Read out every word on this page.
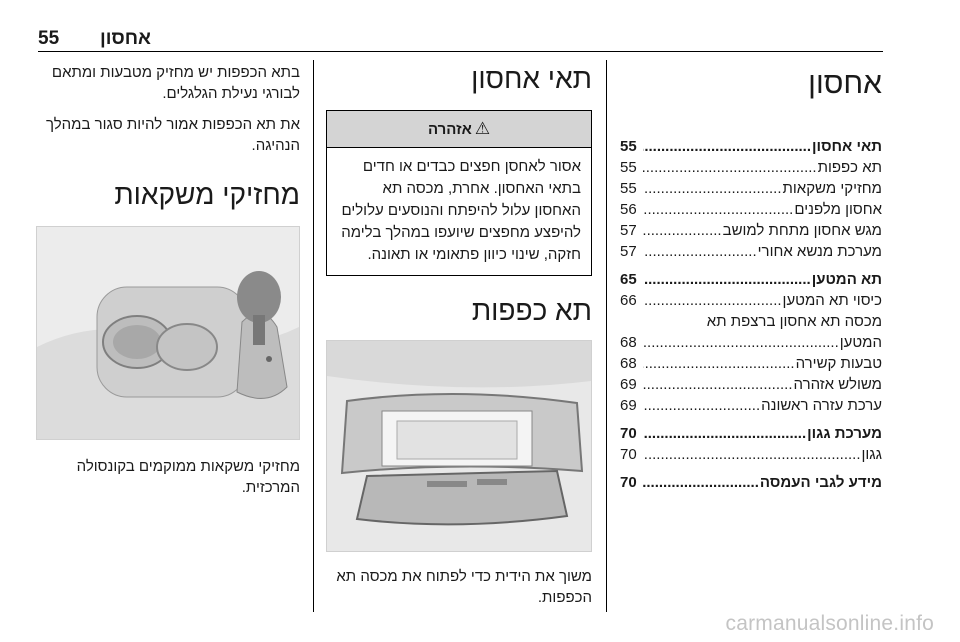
55 אחסון

בתא הכפפות יש מחזיק מטבעות ומתאם לבורגי נעילת הגלגלים.

את תא הכפפות אמור להיות סגור במהלך הנהיגה.

מחזיקי משקאות

מחזיקי משקאות ממוקמים בקונסולה המרכזית.

תאי אחסון
⚠
אזהרה
אסור לאחסן חפצים כבדים או חדים בתאי האחסון. אחרת, מכסה תא האחסון עלול להיפתח והנוסעים עלולים להיפצע מחפצים שיועפו במהלך בלימה חזקה, שינוי כיוון פתאומי או תאונה.
תא כפפות

משוך את הידית כדי לפתוח את מכסה תא הכפפות.

אחסון
תאי אחסון
.....
55
תא כפפות
.....
55
מחזיקי משקאות
.....
55
אחסון מלפנים
.....
56
מגש אחסון מתחת למושב
.....
57
מערכת מנשא אחורי
.....
57
תא המטען
.....
65
כיסוי תא המטען
.....
66
מכסה תא אחסון ברצפת תא
המטען
.....
68
טבעות קשירה
.....
68
משולש אזהרה
.....
69
ערכת עזרה ראשונה
.....
69
מערכת גגון
.....
70
גגון
.....
70
מידע לגבי העמסה
.....
70
carmanualsonline.info
